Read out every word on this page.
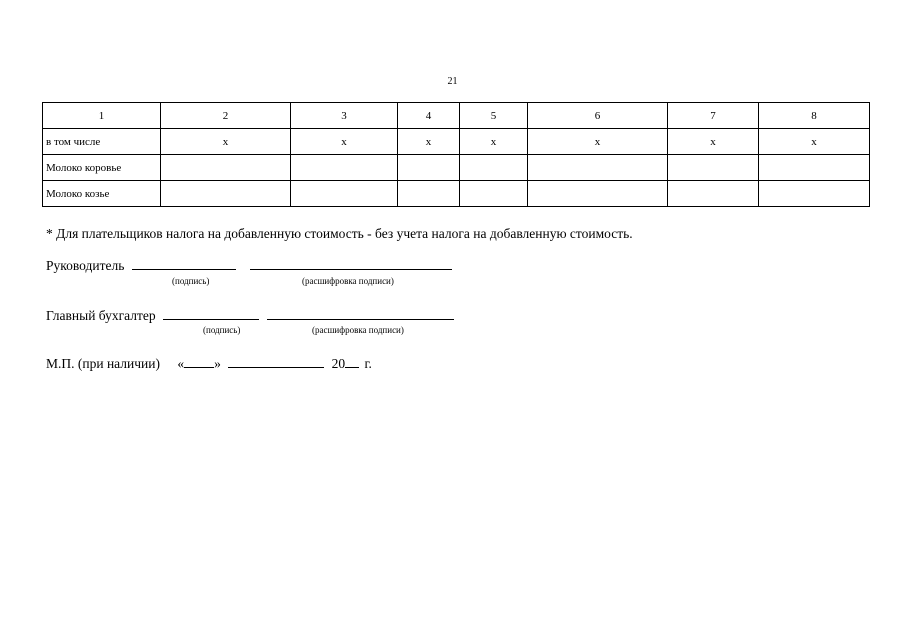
21
1	2	3	4	5	6	7	8
в том числе	x	x	x	x	x	x	x
Молоко коровье							
Молоко козье							
* Для плательщиков налога на добавленную стоимость - без учета налога на добавленную стоимость.
Руководитель
(подпись)	(расшифровка подписи)
Главный бухгалтер
(подпись)	(расшифровка подписи)
М.П. (при наличии) « »	20 г.
